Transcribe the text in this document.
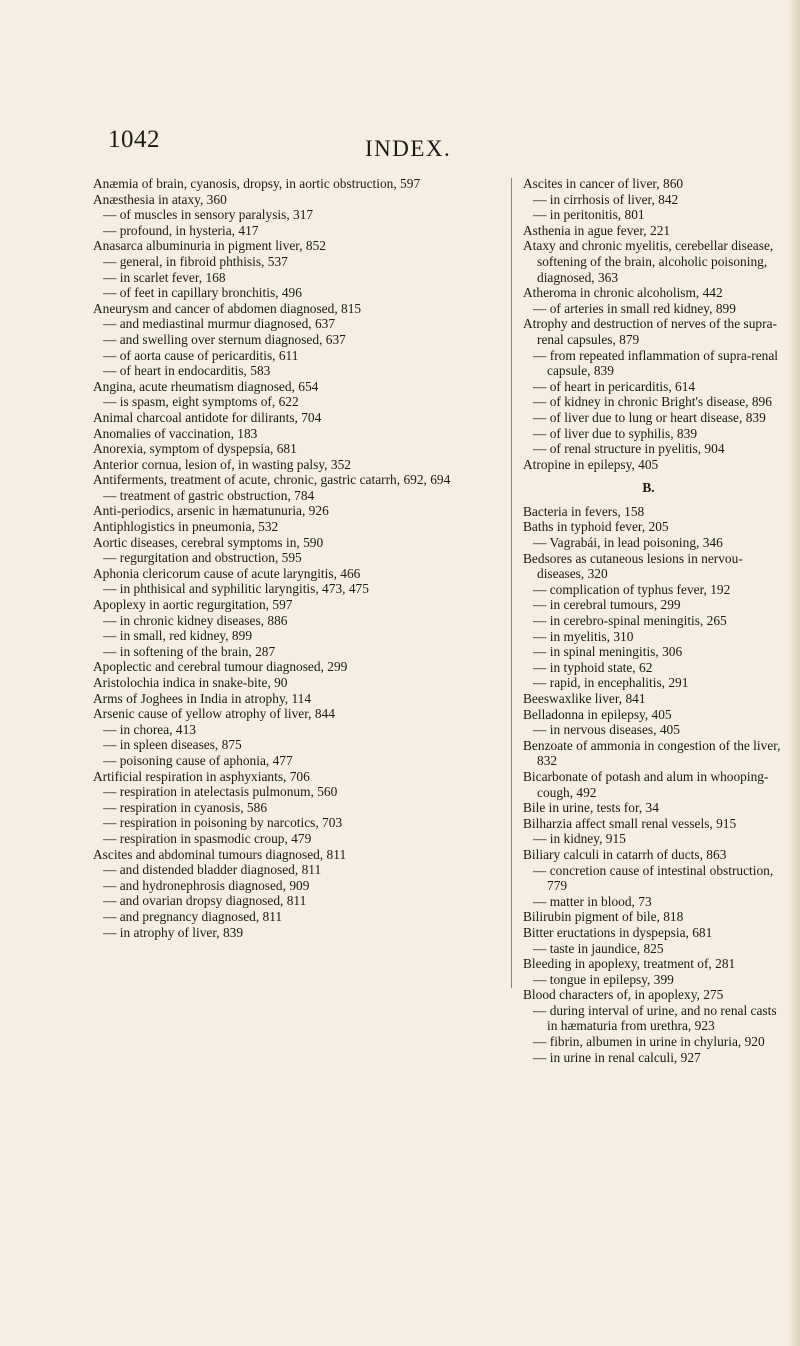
1042	INDEX.
Anæmia of brain, cyanosis, dropsy, in aortic obstruction, 597
Anæsthesia in ataxy, 360
— of muscles in sensory paralysis, 317
— profound, in hysteria, 417
Anasarca albuminuria in pigment liver, 852
— general, in fibroid phthisis, 537
— in scarlet fever, 168
— of feet in capillary bronchitis, 496
Aneurysm and cancer of abdomen diagnosed, 815
— and mediastinal murmur diagnosed, 637
— and swelling over sternum diagnosed, 637
— of aorta cause of pericarditis, 611
— of heart in endocarditis, 583
Angina, acute rheumatism diagnosed, 654
— is spasm, eight symptoms of, 622
Animal charcoal antidote for dilirants, 704
Anomalies of vaccination, 183
Anorexia, symptom of dyspepsia, 681
Anterior cornua, lesion of, in wasting palsy, 352
Antiferments, treatment of acute, chronic, gastric catarrh, 692, 694
— treatment of gastric obstruction, 784
Anti-periodics, arsenic in hæmatunuria, 926
Antiphlogistics in pneumonia, 532
Aortic diseases, cerebral symptoms in, 590
— regurgitation and obstruction, 595
Aphonia clericorum cause of acute laryngitis, 466
— in phthisical and syphilitic laryngitis, 473, 475
Apoplexy in aortic regurgitation, 597
— in chronic kidney diseases, 886
— in small, red kidney, 899
— in softening of the brain, 287
Apoplectic and cerebral tumour diagnosed, 299
Aristolochia indica in snake-bite, 90
Arms of Joghees in India in atrophy, 114
Arsenic cause of yellow atrophy of liver, 844
— in chorea, 413
— in spleen diseases, 875
— poisoning cause of aphonia, 477
Artificial respiration in asphyxiants, 706
— respiration in atelectasis pulmonum, 560
— respiration in cyanosis, 586
— respiration in poisoning by narcotics, 703
— respiration in spasmodic croup, 479
Ascites and abdominal tumours diagnosed, 811
— and distended bladder diagnosed, 811
— and hydronephrosis diagnosed, 909
— and ovarian dropsy diagnosed, 811
— and pregnancy diagnosed, 811
— in atrophy of liver, 839
Ascites in cancer of liver, 860
— in cirrhosis of liver, 842
— in peritonitis, 801
Asthenia in ague fever, 221
Ataxy and chronic myelitis, cerebellar disease, softening of the brain, alcoholic poisoning, diagnosed, 363
Atheroma in chronic alcoholism, 442
— of arteries in small red kidney, 899
Atrophy and destruction of nerves of the supra-renal capsules, 879
— from repeated inflammation of supra-renal capsule, 839
— of heart in pericarditis, 614
— of kidney in chronic Bright's disease, 896
— of liver due to lung or heart disease, 839
— of liver due to syphilis, 839
— of renal structure in pyelitis, 904
Atropine in epilepsy, 405
B.
Bacteria in fevers, 158
Baths in typhoid fever, 205
— Vagrabái, in lead poisoning, 346
Bedsores as cutaneous lesions in nervou- diseases, 320
— complication of typhus fever, 192
— in cerebral tumours, 299
— in cerebro-spinal meningitis, 265
— in myelitis, 310
— in spinal meningitis, 306
— in typhoid state, 62
— rapid, in encephalitis, 291
Beeswaxlike liver, 841
Belladonna in epilepsy, 405
— in nervous diseases, 405
Benzoate of ammonia in congestion of the liver, 832
Bicarbonate of potash and alum in whooping-cough, 492
Bile in urine, tests for, 34
Bilharzia affect small renal vessels, 915
— in kidney, 915
Biliary calculi in catarrh of ducts, 863
— concretion cause of intestinal obstruction, 779
— matter in blood, 73
Bilirubin pigment of bile, 818
Bitter eructations in dyspepsia, 681
— taste in jaundice, 825
Bleeding in apoplexy, treatment of, 281
— tongue in epilepsy, 399
Blood characters of, in apoplexy, 275
— during interval of urine, and no renal casts in hæmaturia from urethra, 923
— fibrin, albumen in urine in chyluria, 920
— in urine in renal calculi, 927
